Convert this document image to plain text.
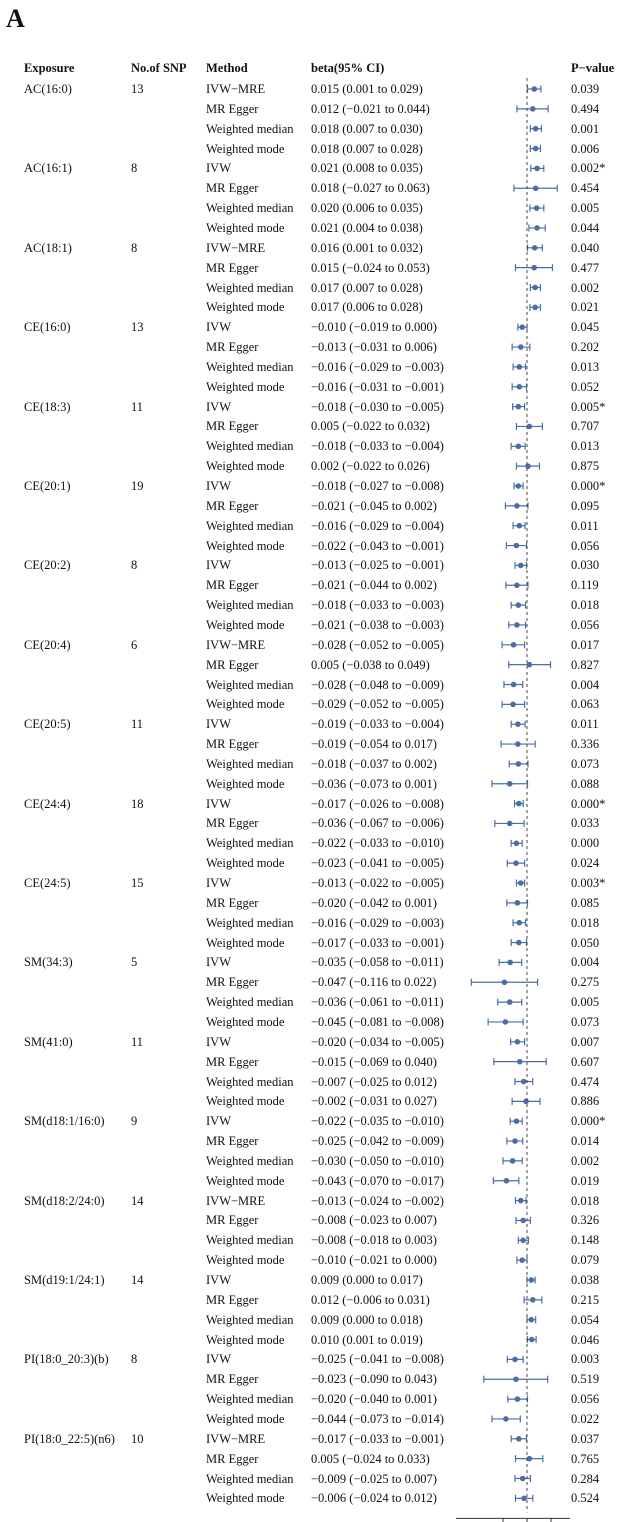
A
Exposure	No.of SNP Method	beta(95% CI)	P−value
AC(16:0)	13	IVW−MRE	0.015 (0.001 to 0.029)	0.039
MR Egger	0.012 (−0.021 to 0.044)	0.494
Weighted median 0.018 (0.007 to 0.030)	0.001
Weighted mode 0.018 (0.007 to 0.028)	0.006
AC(16:1)	8	IVW	0.021 (0.008 to 0.035)	0.002*
MR Egger	0.018 (−0.027 to 0.063)	0.454
Weighted median 0.020 (0.006 to 0.035)	0.005
Weighted mode 0.021 (0.004 to 0.038)	0.044
AC(18:1)	8	IVW−MRE	0.016 (0.001 to 0.032)	0.040
MR Egger	0.015 (−0.024 to 0.053)	0.477
Weighted median 0.017 (0.007 to 0.028)	0.002
Weighted mode 0.017 (0.006 to 0.028)	0.021
CE(16:0)	13	IVW	−0.010 (−0.019 to 0.000)	0.045
MR Egger	−0.013 (−0.031 to 0.006)	0.202
Weighted median −0.016 (−0.029 to −0.003)	0.013
Weighted mode −0.016 (−0.031 to −0.001)	0.052
CE(18:3)	11	IVW	−0.018 (−0.030 to −0.005)	0.005*
MR Egger	0.005 (−0.022 to 0.032)	0.707
Weighted median −0.018 (−0.033 to −0.004)	0.013
Weighted mode 0.002 (−0.022 to 0.026)	0.875
CE(20:1)	19	IVW	−0.018 (−0.027 to −0.008)	0.000*
MR Egger	−0.021 (−0.045 to 0.002)	0.095
Weighted median −0.016 (−0.029 to −0.004)	0.011
Weighted mode −0.022 (−0.043 to −0.001)	0.056
CE(20:2)	8	IVW	−0.013 (−0.025 to −0.001)	0.030
MR Egger	−0.021 (−0.044 to 0.002)	0.119
Weighted median −0.018 (−0.033 to −0.003)	0.018
Weighted mode −0.021 (−0.038 to −0.003)	0.056
CE(20:4)	6	IVW−MRE	−0.028 (−0.052 to −0.005)	0.017
MR Egger	0.005 (−0.038 to 0.049)	0.827
Weighted median −0.028 (−0.048 to −0.009)	0.004
Weighted mode −0.029 (−0.052 to −0.005)	0.063
CE(20:5)	11	IVW	−0.019 (−0.033 to −0.004)	0.011
MR Egger	−0.019 (−0.054 to 0.017)	0.336
Weighted median −0.018 (−0.037 to 0.002)	0.073
Weighted mode −0.036 (−0.073 to 0.001)	0.088
CE(24:4)	18	IVW	−0.017 (−0.026 to −0.008)	0.000*
MR Egger	−0.036 (−0.067 to −0.006)	0.033
Weighted median −0.022 (−0.033 to −0.010)	0.000
Weighted mode −0.023 (−0.041 to −0.005)	0.024
CE(24:5)	15	IVW	−0.013 (−0.022 to −0.005)	0.003*
MR Egger	−0.020 (−0.042 to 0.001)	0.085
Weighted median −0.016 (−0.029 to −0.003)	0.018
Weighted mode −0.017 (−0.033 to −0.001)	0.050
SM(34:3)	5	IVW	−0.035 (−0.058 to −0.011)	0.004
MR Egger	−0.047 (−0.116 to 0.022)	0.275
Weighted median −0.036 (−0.061 to −0.011)	0.005
Weighted mode −0.045 (−0.081 to −0.008)	0.073
SM(41:0)	11	IVW	−0.020 (−0.034 to −0.005)	0.007
MR Egger	−0.015 (−0.069 to 0.040)	0.607
Weighted median −0.007 (−0.025 to 0.012)	0.474
Weighted mode −0.002 (−0.031 to 0.027)	0.886
SM(d18:1/16:0) 9	IVW	−0.022 (−0.035 to −0.010)	0.000*
MR Egger	−0.025 (−0.042 to −0.009)	0.014
Weighted median −0.030 (−0.050 to −0.010)	0.002
Weighted mode −0.043 (−0.070 to −0.017)	0.019
SM(d18:2/24:0) 14	IVW−MRE	−0.013 (−0.024 to −0.002)	0.018
MR Egger	−0.008 (−0.023 to 0.007)	0.326
Weighted median −0.008 (−0.018 to 0.003)	0.148
Weighted mode −0.010 (−0.021 to 0.000)	0.079
SM(d19:1/24:1) 14	IVW	0.009 (0.000 to 0.017)	0.038
MR Egger	0.012 (−0.006 to 0.031)	0.215
Weighted median 0.009 (0.000 to 0.018)	0.054
Weighted mode 0.010 (0.001 to 0.019)	0.046
PI(18:0_20:3)(b) 8	IVW	−0.025 (−0.041 to −0.008)	0.003
MR Egger	−0.023 (−0.090 to 0.043)	0.519
Weighted median −0.020 (−0.040 to 0.001)	0.056
Weighted mode −0.044 (−0.073 to −0.014)	0.022
PI(18:0_22:5)(n6) 10	IVW−MRE	−0.017 (−0.033 to −0.001)	0.037
MR Egger	0.005 (−0.024 to 0.033)	0.765
Weighted median −0.009 (−0.025 to 0.007)	0.284
Weighted mode −0.006 (−0.024 to 0.012)	0.524
